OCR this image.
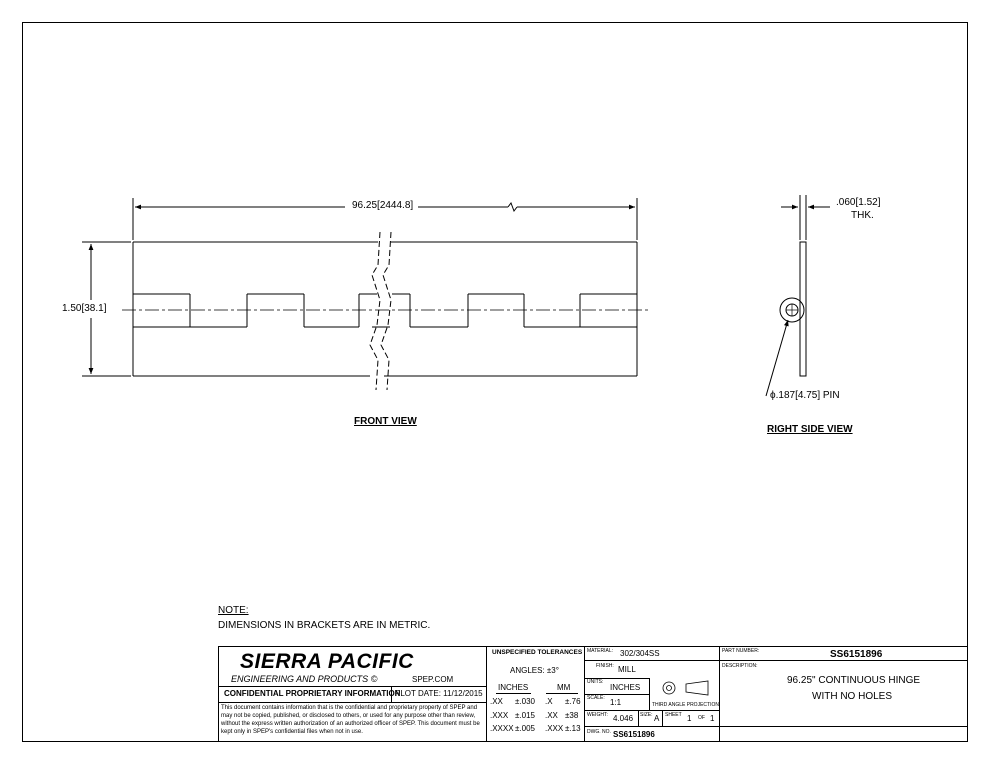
96.25[2444.8]
1.50[38.1]
.060[1.52]
THK.
ϕ.187[4.75] PIN
FRONT VIEW
RIGHT SIDE VIEW
NOTE:
DIMENSIONS IN BRACKETS ARE IN METRIC.
SIERRA PACIFIC
ENGINEERING AND PRODUCTS ©	SPEP.COM
CONFIDENTIAL PROPRIETARY INFORMATION
PLOT DATE: 11/12/2015
This document contains information that is the confidential and proprietary property of SPEP and may not be copied, published, or disclosed to others, or used for any purpose other than review, without the express written authorization of an authorized officer of SPEP. This document must be kept only in SPEP's confidential files when not in use.
UNSPECIFIED TOLERANCES
ANGLES: ±3°
INCHES	MM
.XX ±.030 .X ±.76
.XXX ±.015 .XX ±38
.XXXX ±.005 .XXX ±.13
MATERIAL: 302/304SS
FINISH: MILL
UNITS:
INCHES
SCALE: 1:1	THIRD ANGLE PROJECTION
WEIGHT: 4.046 SIZE: A SHEET 1 OF 1
DWG. NO. SS6151896
PART NUMBER:	SS6151896
DESCRIPTION:
96.25" CONTINUOUS HINGE
WITH NO HOLES
